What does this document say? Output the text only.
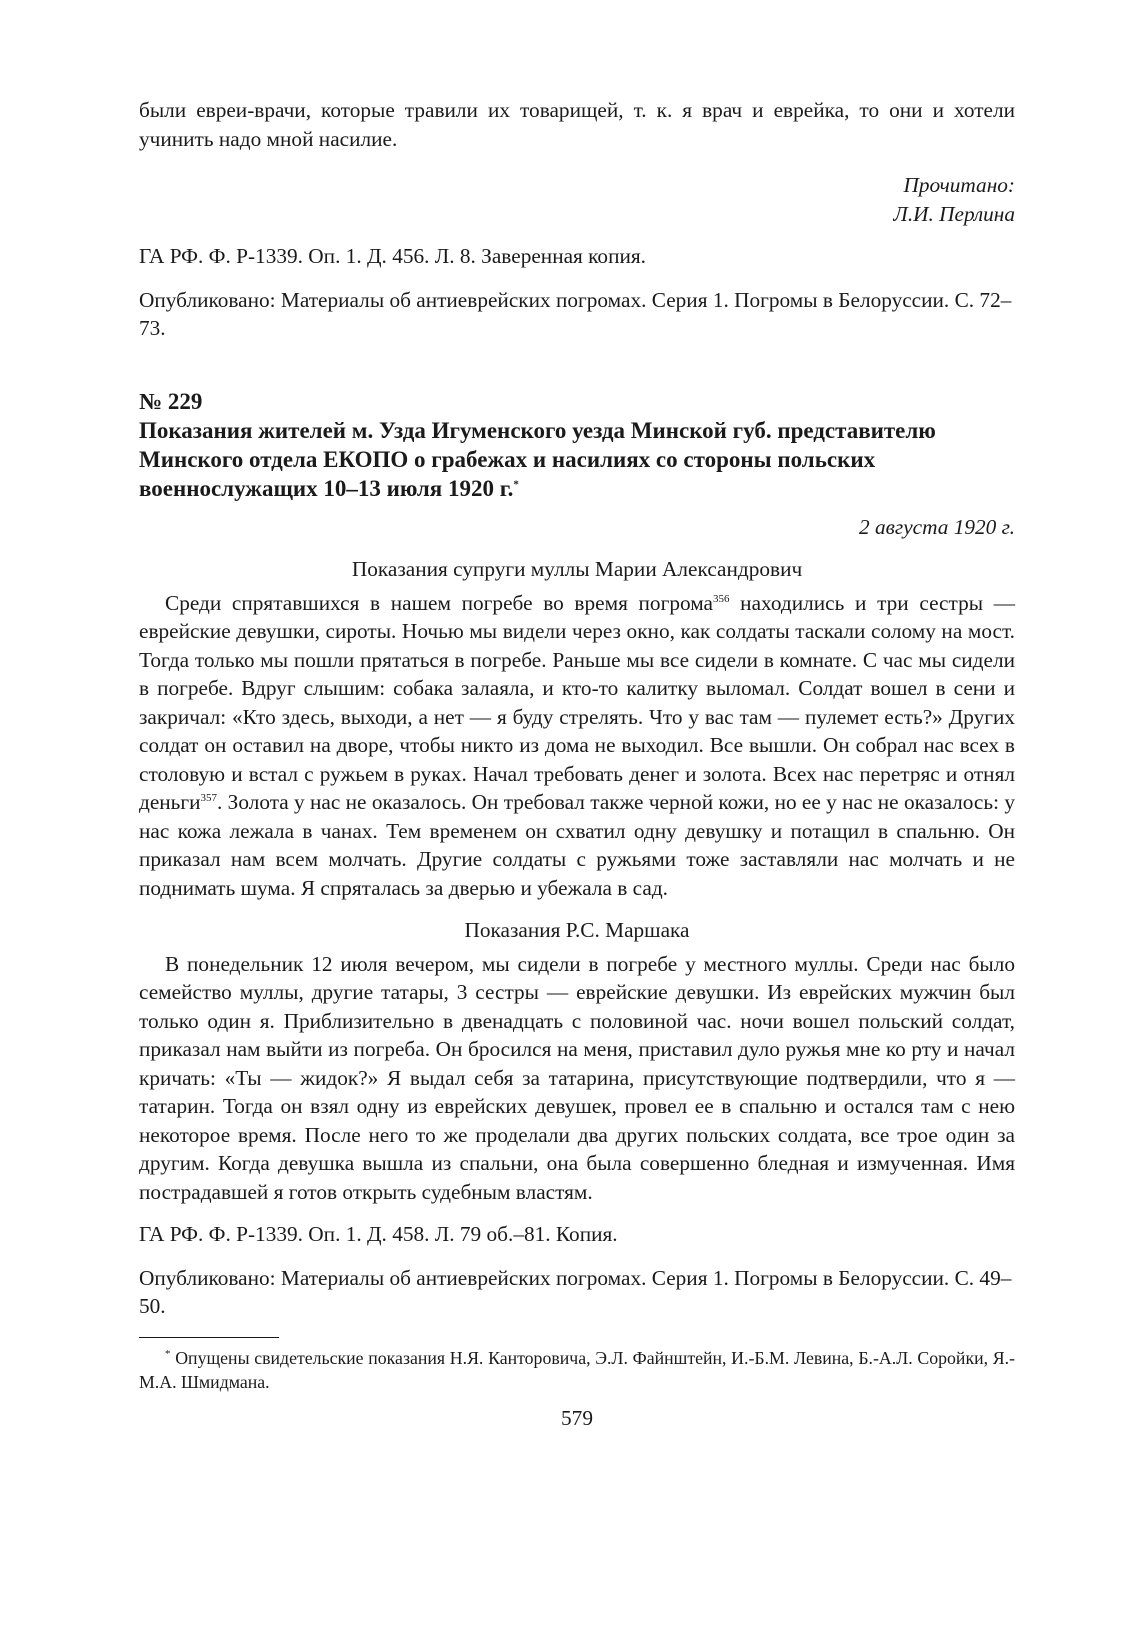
были евреи-врачи, которые травили их товарищей, т. к. я врач и еврейка, то они и хотели учинить надо мной насилие.

Прочитано:

Л.И. Перлина

ГА РФ. Ф. Р-1339. Оп. 1. Д. 456. Л. 8. Заверенная копия.

Опубликовано: Материалы об антиеврейских погромах. Серия 1. Погромы в Белоруссии. С. 72–73.

№ 229

Показания жителей м. Узда Игуменского уезда Минской губ. представителю Минского отдела ЕКОПО о грабежах и насилиях со стороны польских военнослужащих 10–13 июля 1920 г.*

2 августа 1920 г.

Показания супруги муллы Марии Александрович

Среди спрятавшихся в нашем погребе во время погрома$^{356}$ находились и три сестры — еврейские девушки, сироты. Ночью мы видели через окно, как солдаты таскали солому на мост. Тогда только мы пошли прятаться в погребе. Раньше мы все сидели в комнате. С час мы сидели в погребе. Вдруг слышим: собака залаяла, и кто-то калитку выломал. Солдат вошел в сени и закричал: «Кто здесь, выходи, а нет — я буду стрелять. Что у вас там — пулемет есть?» Других солдат он оставил на дворе, чтобы никто из дома не выходил. Все вышли. Он собрал нас всех в столовую и встал с ружьем в руках. Начал требовать денег и золота. Всех нас перетряс и отнял деньги$^{357}$. Золота у нас не оказалось. Он требовал также черной кожи, но ее у нас не оказалось: у нас кожа лежала в чанах. Тем временем он схватил одну девушку и потащил в спальню. Он приказал нам всем молчать. Другие солдаты с ружьями тоже заставляли нас молчать и не поднимать шума. Я спряталась за дверью и убежала в сад.

Показания Р.С. Маршака

В понедельник 12 июля вечером, мы сидели в погребе у местного муллы. Среди нас было семейство муллы, другие татары, 3 сестры — еврейские девушки. Из еврейских мужчин был только один я. Приблизительно в двенадцать с половиной час. ночи вошел польский солдат, приказал нам выйти из погреба. Он бросился на меня, приставил дуло ружья мне ко рту и начал кричать: «Ты — жидок?» Я выдал себя за татарина, присутствующие подтвердили, что я — татарин. Тогда он взял одну из еврейских девушек, провел ее в спальню и остался там с нею некоторое время. После него то же проделали два других польских солдата, все трое один за другим. Когда девушка вышла из спальни, она была совершенно бледная и измученная. Имя пострадавшей я готов открыть судебным властям.

ГА РФ. Ф. Р-1339. Оп. 1. Д. 458. Л. 79 об.–81. Копия.

Опубликовано: Материалы об антиеврейских погромах. Серия 1. Погромы в Белоруссии. С. 49–50.

* Опущены свидетельские показания Н.Я. Канторовича, Э.Л. Файнштейн, И.-Б.М. Левина, Б.-А.Л. Соройки, Я.-М.А. Шмидмана.

579
